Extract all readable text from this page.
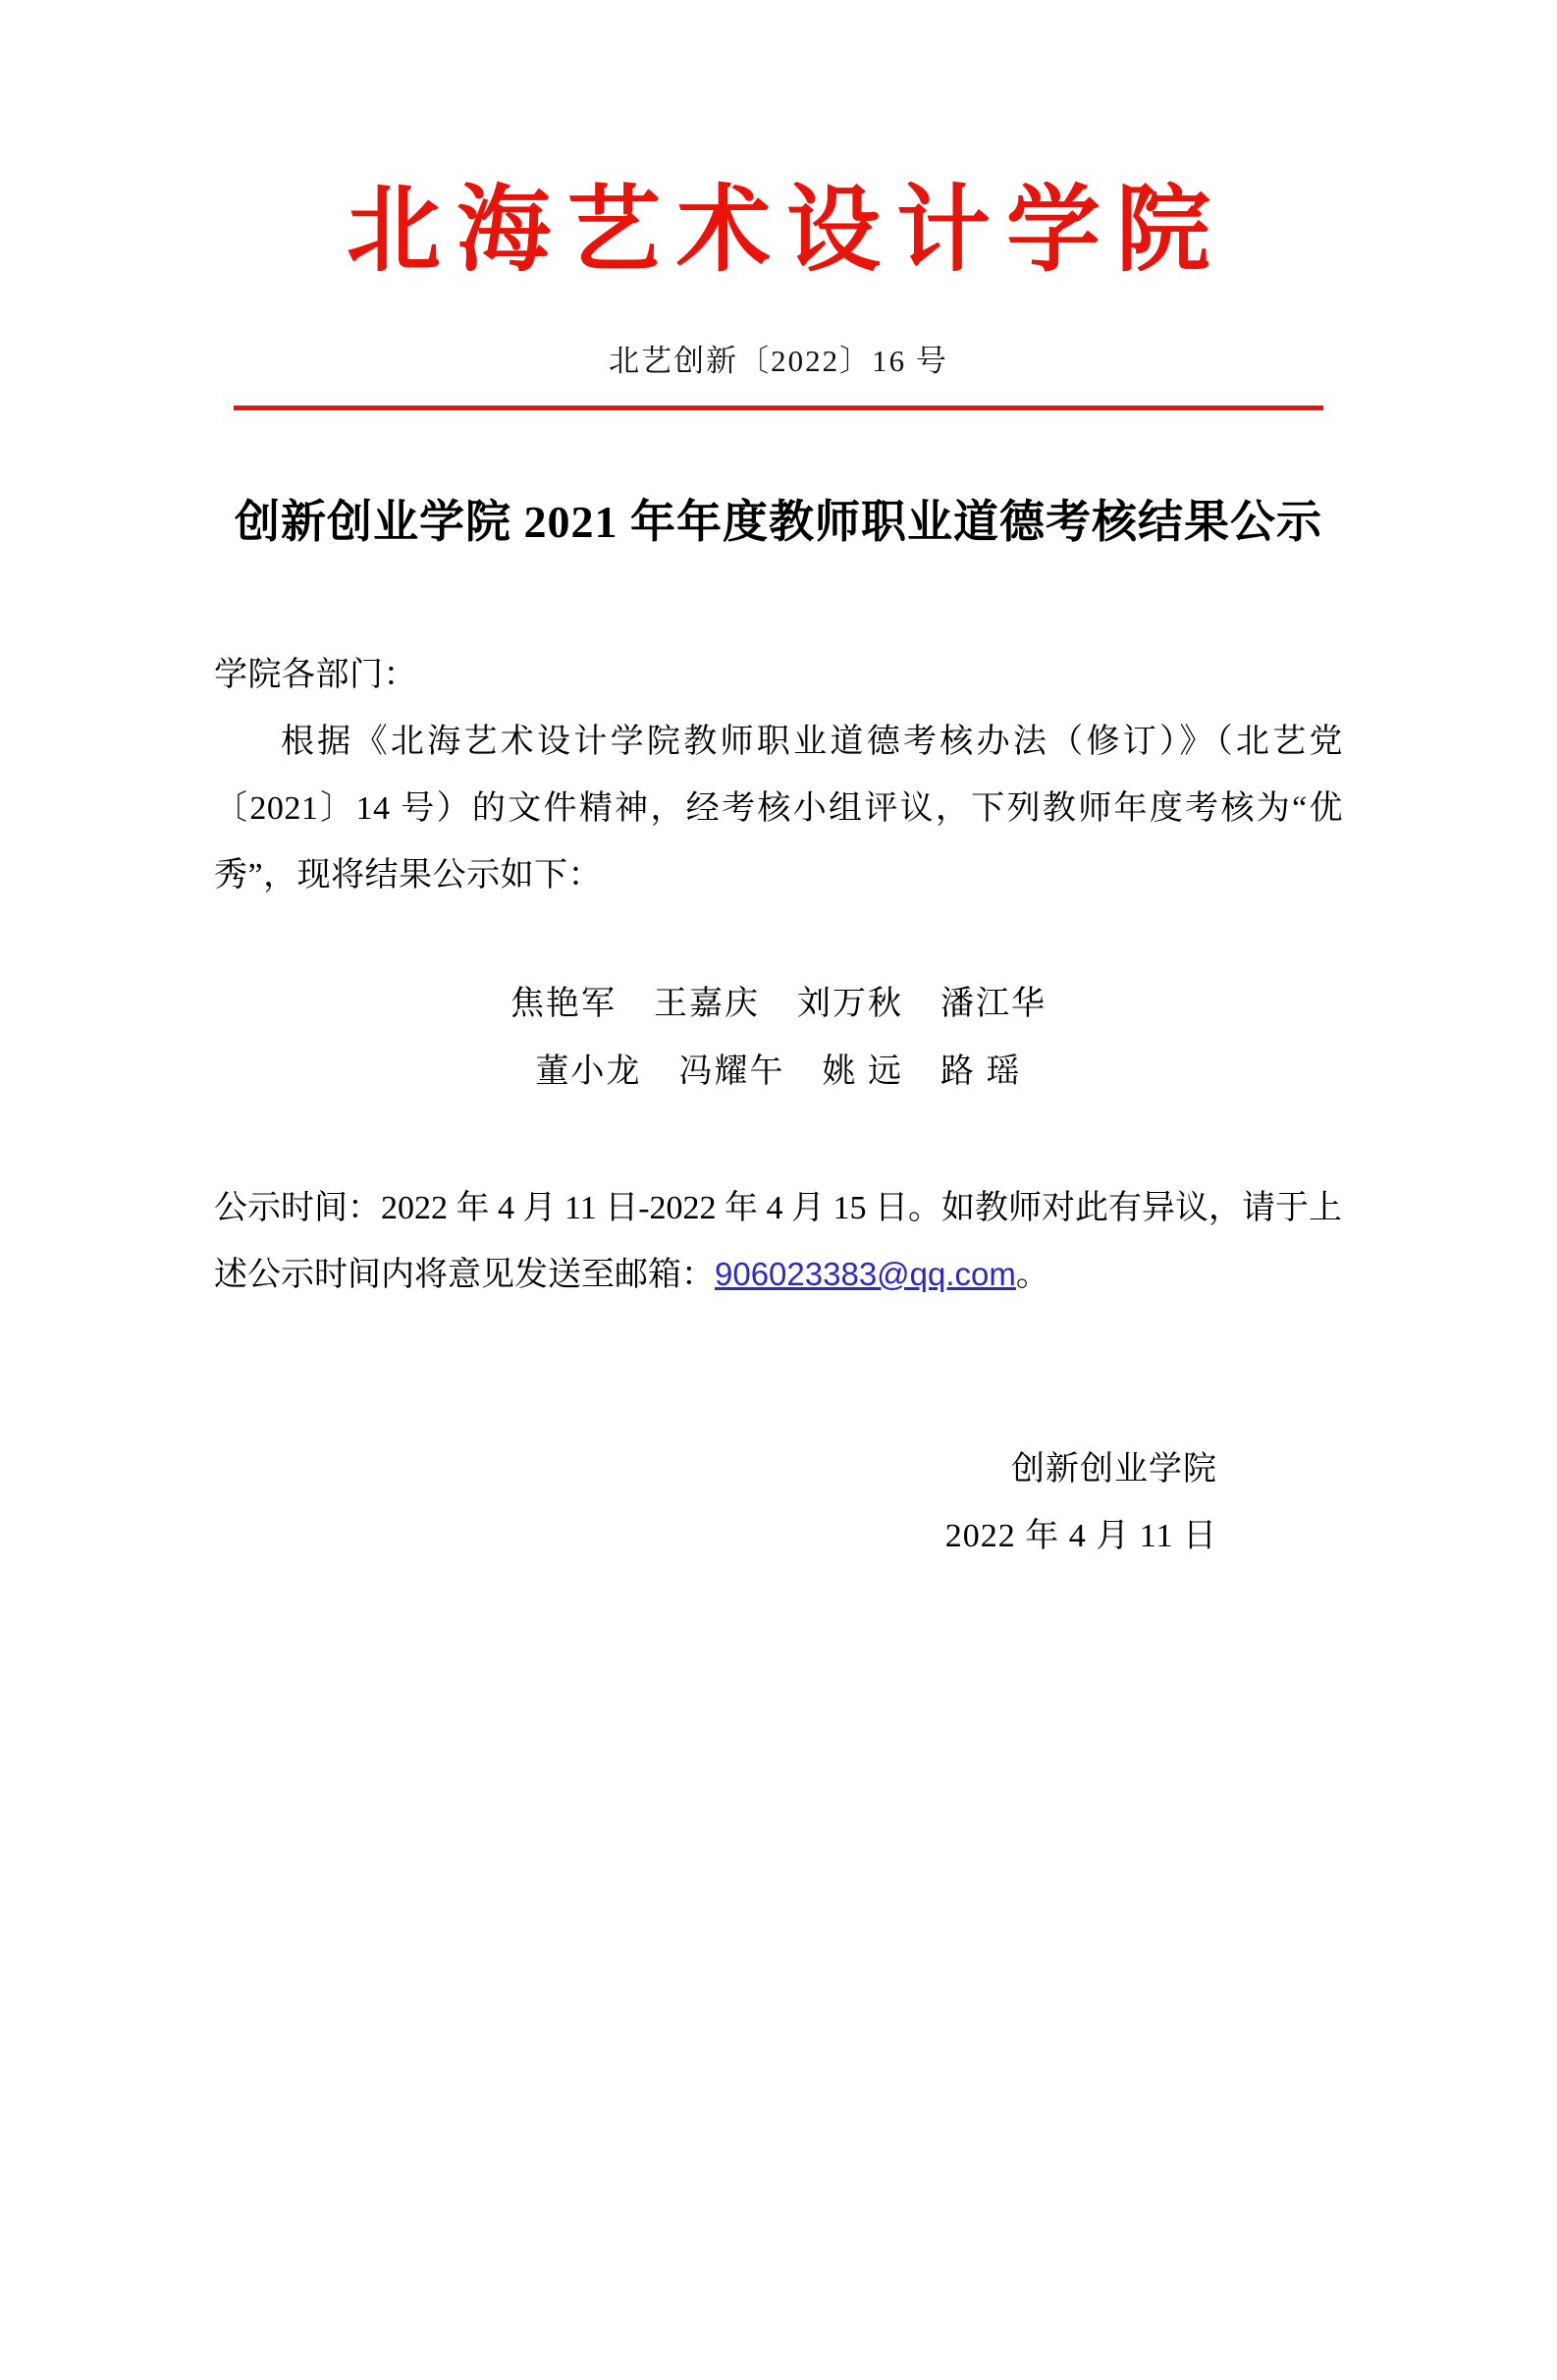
北海艺术设计学院
北艺创新〔2022〕16 号
创新创业学院 2021 年年度教师职业道德考核结果公示
学院各部门：
根据《北海艺术设计学院教师职业道德考核办法（修订）》（北艺党〔2021〕14 号）的文件精神，经考核小组评议，下列教师年度考核为“优秀”，现将结果公示如下：
焦艳军 王嘉庆 刘万秋 潘江华
董小龙 冯耀午 姚 远 路 瑶
公示时间：2022 年 4 月 11 日-2022 年 4 月 15 日。如教师对此有异议，请于上述公示时间内将意见发送至邮箱：906023383@qq.com。
创新创业学院
2022 年 4 月 11 日
